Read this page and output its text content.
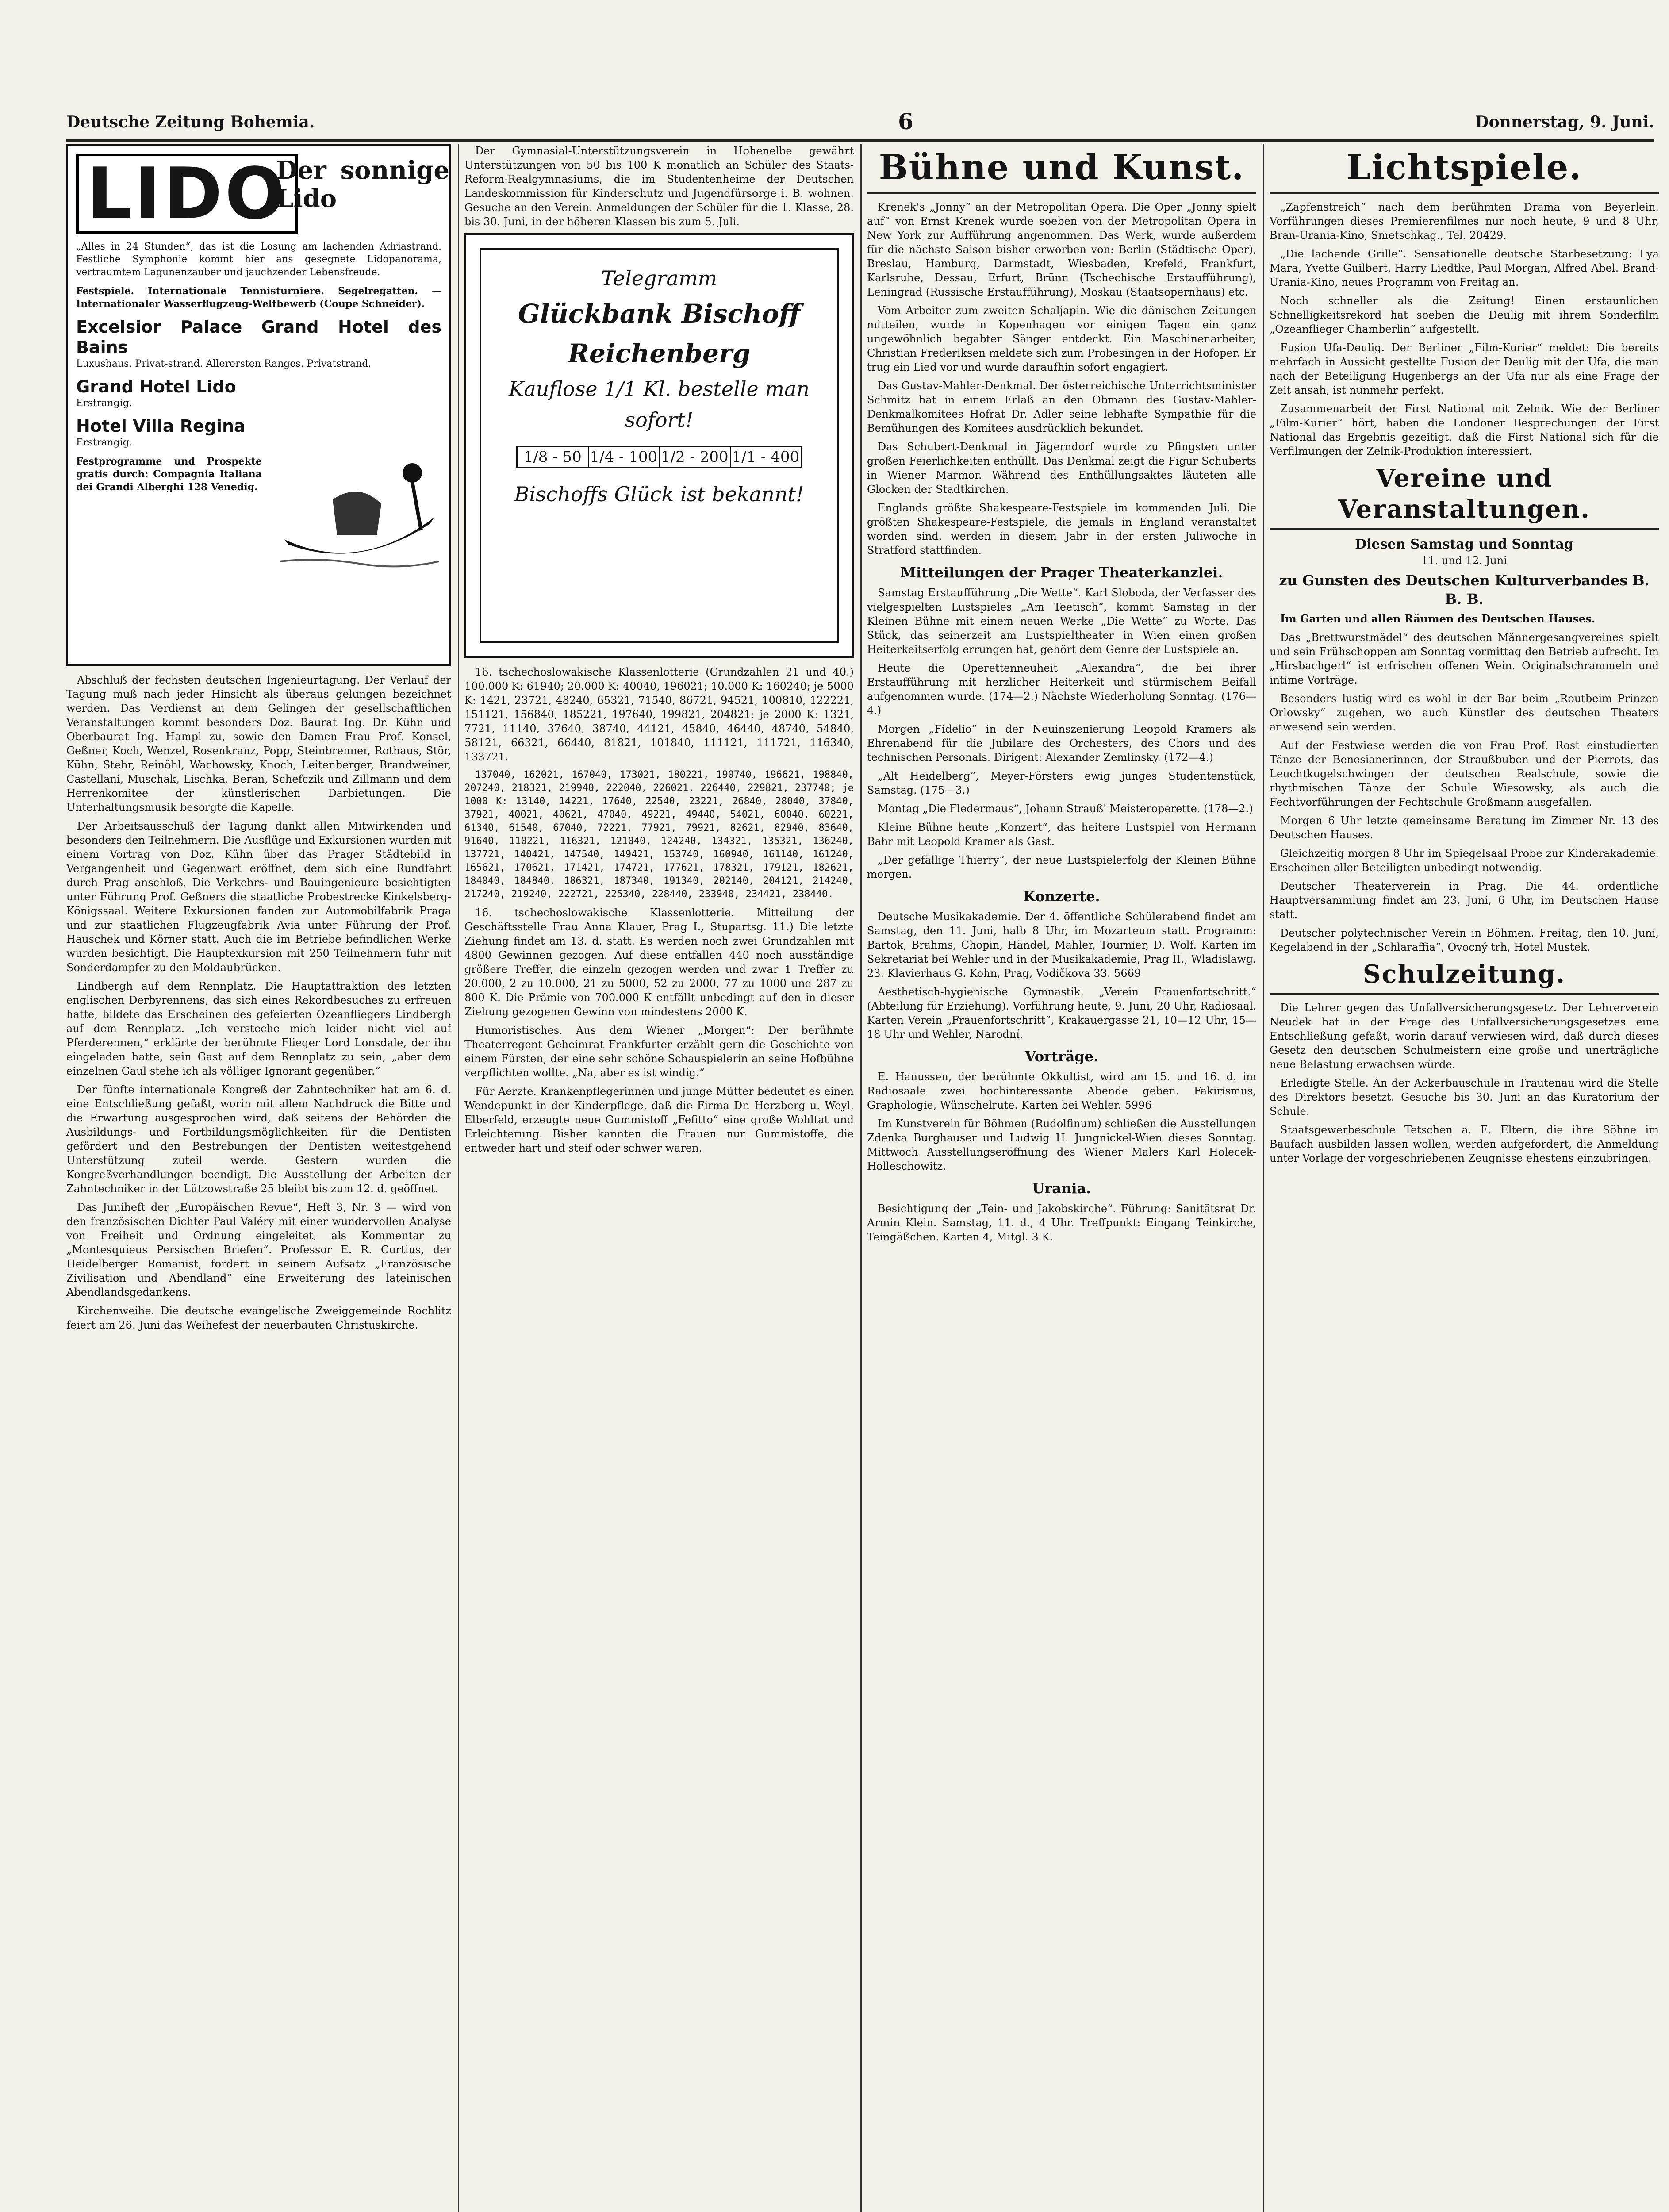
Deutsche Zeitung Bohemia.	6	Donnerstag, 9. Juni.
LIDO
Der sonnige Lido
„Alles in 24 Stunden“, das ist die Losung am lachenden Adriastrand. Festliche Symphonie kommt hier ans gesegnete Lidopanorama, vertraumtem Lagunenzauber und jauchzender Lebensfreude.
Festspiele. Internationale Tennisturniere. Segelregatten. — Internationaler Wasserflugzeug-Weltbewerb (Coupe Schneider).
Excelsior Palace Grand Hotel des Bains
Luxushaus. Privat-strand. Allerersten Ranges. Privatstrand.
Grand Hotel Lido
Erstrangig.
Hotel Villa Regina
Erstrangig.
Festprogramme und Prospekte gratis durch: Compagnia Italiana dei Grandi Alberghi 128 Venedig.

Abschluß der fechsten deutschen Ingenieurtagung. Der Verlauf der Tagung muß nach jeder Hinsicht als überaus gelungen bezeichnet werden. Das Verdienst an dem Gelingen der gesellschaftlichen Veranstaltungen kommt besonders Doz. Baurat Ing. Dr. Kühn und Oberbaurat Ing. Hampl zu, sowie den Damen Frau Prof. Konsel, Geßner, Koch, Wenzel, Rosenkranz, Popp, Steinbrenner, Rothaus, Stör, Kühn, Stehr, Reinöhl, Wachowsky, Knoch, Leitenberger, Brandweiner, Castellani, Muschak, Lischka, Beran, Schefczik und Zillmann und dem Herrenkomitee der künstlerischen Darbietungen. Die Unterhaltungsmusik besorgte die Kapelle.

Der Arbeitsausschuß der Tagung dankt allen Mitwirkenden und besonders den Teilnehmern. Die Ausflüge und Exkursionen wurden mit einem Vortrag von Doz. Kühn über das Prager Städtebild in Vergangenheit und Gegenwart eröffnet, dem sich eine Rundfahrt durch Prag anschloß. Die Verkehrs- und Bauingenieure besichtigten unter Führung Prof. Geßners die staatliche Probestrecke Kinkelsberg-Königssaal. Weitere Exkursionen fanden zur Automobilfabrik Praga und zur staatlichen Flugzeugfabrik Avia unter Führung der Prof. Hauschek und Körner statt. Auch die im Betriebe befindlichen Werke wurden besichtigt. Die Hauptexkursion mit 250 Teilnehmern fuhr mit Sonderdampfer zu den Moldaubrücken.

Lindbergh auf dem Rennplatz. Die Hauptattraktion des letzten englischen Derbyrennens, das sich eines Rekordbesuches zu erfreuen hatte, bildete das Erscheinen des gefeierten Ozeanfliegers Lindbergh auf dem Rennplatz. „Ich versteche mich leider nicht viel auf Pferderennen,“ erklärte der berühmte Flieger Lord Lonsdale, der ihn eingeladen hatte, sein Gast auf dem Rennplatz zu sein, „aber dem einzelnen Gaul stehe ich als völliger Ignorant gegenüber.“

Der fünfte internationale Kongreß der Zahntechniker hat am 6. d. eine Entschließung gefaßt, worin mit allem Nachdruck die Bitte und die Erwartung ausgesprochen wird, daß seitens der Behörden die Ausbildungs- und Fortbildungsmöglichkeiten für die Dentisten gefördert und den Bestrebungen der Dentisten weitestgehend Unterstützung zuteil werde. Gestern wurden die Kongreßverhandlungen beendigt. Die Ausstellung der Arbeiten der Zahntechniker in der Lützowstraße 25 bleibt bis zum 12. d. geöffnet.

Das Juniheft der „Europäischen Revue“, Heft 3, Nr. 3 — wird von den französischen Dichter Paul Valéry mit einer wundervollen Analyse von Freiheit und Ordnung eingeleitet, als Kommentar zu „Montesquieus Persischen Briefen“. Professor E. R. Curtius, der Heidelberger Romanist, fordert in seinem Aufsatz „Französische Zivilisation und Abendland“ eine Erweiterung des lateinischen Abendlandsgedankens.

Kirchenweihe. Die deutsche evangelische Zweiggemeinde Rochlitz feiert am 26. Juni das Weihefest der neuerbauten Christuskirche.

Der Gymnasial-Unterstützungsverein in Hohenelbe gewährt Unterstützungen von 50 bis 100 K monatlich an Schüler des Staats-Reform-Realgymnasiums, die im Studentenheime der Deutschen Landeskommission für Kinderschutz und Jugendfürsorge i. B. wohnen. Gesuche an den Verein. Anmeldungen der Schüler für die 1. Klasse, 28. bis 30. Juni, in der höheren Klassen bis zum 5. Juli.

Telegramm
Glückbank Bischoff
Reichenberg
Kauflose 1/1 Kl. bestelle man sofort!
1/8 - 50 1/4 - 100 1/2 - 200 1/1 - 400
Bischoffs Glück ist bekannt!

16. tschechoslowakische Klassenlotterie (Grundzahlen 21 und 40.) 100.000 K: 61940; 20.000 K: 40040, 196021; 10.000 K: 160240; je 5000 K: 1421, 23721, 48240, 65321, 71540, 86721, 94521, 100810, 122221, 151121, 156840, 185221, 197640, 199821, 204821; je 2000 K: 1321, 7721, 11140, 37640, 38740, 44121, 45840, 46440, 48740, 54840, 58121, 66321, 66440, 81821, 101840, 111121, 111721, 116340, 133721.

137040, 162021, 167040, 173021, 180221, 190740, 196621, 198840, 207240, 218321, 219940, 222040, 226021, 226440, 229821, 237740; je 1000 K: 13140, 14221, 17640, 22540, 23221, 26840, 28040, 37840, 37921, 40021, 40621, 47040, 49221, 49440, 54021, 60040, 60221, 61340, 61540, 67040, 72221, 77921, 79921, 82621, 82940, 83640, 91640, 110221, 116321, 121040, 124240, 134321, 135321, 136240, 137721, 140421, 147540, 149421, 153740, 160940, 161140, 161240, 165621, 170621, 171421, 174721, 177621, 178321, 179121, 182621, 184040, 184840, 186321, 187340, 191340, 202140, 204121, 214240, 217240, 219240, 222721, 225340, 228440, 233940, 234421, 238440.

16. tschechoslowakische Klassenlotterie. Mitteilung der Geschäftsstelle Frau Anna Klauer, Prag I., Stupartsg. 11.) Die letzte Ziehung findet am 13. d. statt. Es werden noch zwei Grundzahlen mit 4800 Gewinnen gezogen. Auf diese entfallen 440 noch ausständige größere Treffer, die einzeln gezogen werden und zwar 1 Treffer zu 20.000, 2 zu 10.000, 21 zu 5000, 52 zu 2000, 77 zu 1000 und 287 zu 800 K. Die Prämie von 700.000 K entfällt unbedingt auf den in dieser Ziehung gezogenen Gewinn von mindestens 2000 K.

Humoristisches. Aus dem Wiener „Morgen“: Der berühmte Theaterregent Geheimrat Frankfurter erzählt gern die Geschichte von einem Fürsten, der eine sehr schöne Schauspielerin an seine Hofbühne verpflichten wollte. „Na, aber es ist windig.“

Für Aerzte. Krankenpflegerinnen und junge Mütter bedeutet es einen Wendepunkt in der Kinderpflege, daß die Firma Dr. Herzberg u. Weyl, Elberfeld, erzeugte neue Gummistoff „Fefitto“ eine große Wohltat und Erleichterung. Bisher kannten die Frauen nur Gummistoffe, die entweder hart und steif oder schwer waren.

Bühne und Kunst.

Krenek's „Jonny“ an der Metropolitan Opera. Die Oper „Jonny spielt auf“ von Ernst Krenek wurde soeben von der Metropolitan Opera in New York zur Aufführung angenommen. Das Werk, wurde außerdem für die nächste Saison bisher erworben von: Berlin (Städtische Oper), Breslau, Hamburg, Darmstadt, Wiesbaden, Krefeld, Frankfurt, Karlsruhe, Dessau, Erfurt, Brünn (Tschechische Erstaufführung), Leningrad (Russische Erstaufführung), Moskau (Staatsopernhaus) etc.

Vom Arbeiter zum zweiten Schaljapin. Wie die dänischen Zeitungen mitteilen, wurde in Kopenhagen vor einigen Tagen ein ganz ungewöhnlich begabter Sänger entdeckt. Ein Maschinenarbeiter, Christian Frederiksen meldete sich zum Probesingen in der Hofoper. Er trug ein Lied vor und wurde daraufhin sofort engagiert.

Das Gustav-Mahler-Denkmal. Der österreichische Unterrichtsminister Schmitz hat in einem Erlaß an den Obmann des Gustav-Mahler-Denkmalkomitees Hofrat Dr. Adler seine lebhafte Sympathie für die Bemühungen des Komitees ausdrücklich bekundet.

Das Schubert-Denkmal in Jägerndorf wurde zu Pfingsten unter großen Feierlichkeiten enthüllt. Das Denkmal zeigt die Figur Schuberts in Wiener Marmor. Während des Enthüllungsaktes läuteten alle Glocken der Stadtkirchen.

Englands größte Shakespeare-Festspiele im kommenden Juli. Die größten Shakespeare-Festspiele, die jemals in England veranstaltet worden sind, werden in diesem Jahr in der ersten Juliwoche in Stratford stattfinden.

Mitteilungen der Prager Theaterkanzlei.

Samstag Erstaufführung „Die Wette“. Karl Sloboda, der Verfasser des vielgespielten Lustspieles „Am Teetisch“, kommt Samstag in der Kleinen Bühne mit einem neuen Werke „Die Wette“ zu Worte. Das Stück, das seinerzeit am Lustspieltheater in Wien einen großen Heiterkeitserfolg errungen hat, gehört dem Genre der Lustspiele an.

Heute die Operettenneuheit „Alexandra“, die bei ihrer Erstaufführung mit herzlicher Heiterkeit und stürmischem Beifall aufgenommen wurde. (174—2.) Nächste Wiederholung Sonntag. (176—4.)

Morgen „Fidelio“ in der Neuinszenierung Leopold Kramers als Ehrenabend für die Jubilare des Orchesters, des Chors und des technischen Personals. Dirigent: Alexander Zemlinsky. (172—4.)

„Alt Heidelberg“, Meyer-Försters ewig junges Studentenstück, Samstag. (175—3.)

Montag „Die Fledermaus“, Johann Strauß' Meisteroperette. (178—2.)

Kleine Bühne heute „Konzert“, das heitere Lustspiel von Hermann Bahr mit Leopold Kramer als Gast.

„Der gefällige Thierry“, der neue Lustspielerfolg der Kleinen Bühne morgen.

Konzerte.

Deutsche Musikakademie. Der 4. öffentliche Schülerabend findet am Samstag, den 11. Juni, halb 8 Uhr, im Mozarteum statt. Programm: Bartok, Brahms, Chopin, Händel, Mahler, Tournier, D. Wolf. Karten im Sekretariat bei Wehler und in der Musikakademie, Prag II., Wladislawg. 23. Klavierhaus G. Kohn, Prag, Vodičkova 33. 5669

Aesthetisch-hygienische Gymnastik. „Verein Frauenfortschritt.“ (Abteilung für Erziehung). Vorführung heute, 9. Juni, 20 Uhr, Radiosaal. Karten Verein „Frauenfortschritt“, Krakauergasse 21, 10—12 Uhr, 15—18 Uhr und Wehler, Narodní.

Vorträge.

E. Hanussen, der berühmte Okkultist, wird am 15. und 16. d. im Radiosaale zwei hochinteressante Abende geben. Fakirismus, Graphologie, Wünschelrute. Karten bei Wehler. 5996

Im Kunstverein für Böhmen (Rudolfinum) schließen die Ausstellungen Zdenka Burghauser und Ludwig H. Jungnickel-Wien dieses Sonntag. Mittwoch Ausstellungseröffnung des Wiener Malers Karl Holecek-Holleschowitz.

Urania.

Besichtigung der „Tein- und Jakobskirche“. Führung: Sanitätsrat Dr. Armin Klein. Samstag, 11. d., 4 Uhr. Treffpunkt: Eingang Teinkirche, Teingäßchen. Karten 4, Mitgl. 3 K.

Lichtspiele.

„Zapfenstreich“ nach dem berühmten Drama von Beyerlein. Vorführungen dieses Premierenfilmes nur noch heute, 9 und 8 Uhr, Bran-Urania-Kino, Smetschkag., Tel. 20429.

„Die lachende Grille“. Sensationelle deutsche Starbesetzung: Lya Mara, Yvette Guilbert, Harry Liedtke, Paul Morgan, Alfred Abel. Brand-Urania-Kino, neues Programm von Freitag an.

Noch schneller als die Zeitung! Einen erstaunlichen Schnelligkeitsrekord hat soeben die Deulig mit ihrem Sonderfilm „Ozeanflieger Chamberlin“ aufgestellt.

Fusion Ufa-Deulig. Der Berliner „Film-Kurier“ meldet: Die bereits mehrfach in Aussicht gestellte Fusion der Deulig mit der Ufa, die man nach der Beteiligung Hugenbergs an der Ufa nur als eine Frage der Zeit ansah, ist nunmehr perfekt.

Zusammenarbeit der First National mit Zelnik. Wie der Berliner „Film-Kurier“ hört, haben die Londoner Besprechungen der First National das Ergebnis gezeitigt, daß die First National sich für die Verfilmungen der Zelnik-Produktion interessiert.

Vereine und Veranstaltungen.
Diesen Samstag und Sonntag
11. und 12. Juni
zu Gunsten des Deutschen Kulturverbandes B. B. B.

Im Garten und allen Räumen des Deutschen Hauses.

Das „Brettwurstmädel“ des deutschen Männergesangvereines spielt und sein Frühschoppen am Sonntag vormittag den Betrieb aufrecht. Im „Hirsbachgerl“ ist erfrischen offenen Wein. Originalschrammeln und intime Vorträge.

Besonders lustig wird es wohl in der Bar beim „Routbeim Prinzen Orlowsky“ zugehen, wo auch Künstler des deutschen Theaters anwesend sein werden.

Auf der Festwiese werden die von Frau Prof. Rost einstudierten Tänze der Benesianerinnen, der Straußbuben und der Pierrots, das Leuchtkugelschwingen der deutschen Realschule, sowie die rhythmischen Tänze der Schule Wiesowsky, als auch die Fechtvorführungen der Fechtschule Großmann ausgefallen.

Morgen 6 Uhr letzte gemeinsame Beratung im Zimmer Nr. 13 des Deutschen Hauses.

Gleichzeitig morgen 8 Uhr im Spiegelsaal Probe zur Kinderakademie. Erscheinen aller Beteiligten unbedingt notwendig.

Deutscher Theaterverein in Prag. Die 44. ordentliche Hauptversammlung findet am 23. Juni, 6 Uhr, im Deutschen Hause statt.

Deutscher polytechnischer Verein in Böhmen. Freitag, den 10. Juni, Kegelabend in der „Schlaraffia“, Ovocný trh, Hotel Mustek.

Schulzeitung.

Die Lehrer gegen das Unfallversicherungsgesetz. Der Lehrerverein Neudek hat in der Frage des Unfallversicherungsgesetzes eine Entschließung gefaßt, worin darauf verwiesen wird, daß durch dieses Gesetz den deutschen Schulmeistern eine große und unerträgliche neue Belastung erwachsen würde.

Erledigte Stelle. An der Ackerbauschule in Trautenau wird die Stelle des Direktors besetzt. Gesuche bis 30. Juni an das Kuratorium der Schule.

Staatsgewerbeschule Tetschen a. E. Eltern, die ihre Söhne im Baufach ausbilden lassen wollen, werden aufgefordert, die Anmeldung unter Vorlage der vorgeschriebenen Zeugnisse ehestens einzubringen.
